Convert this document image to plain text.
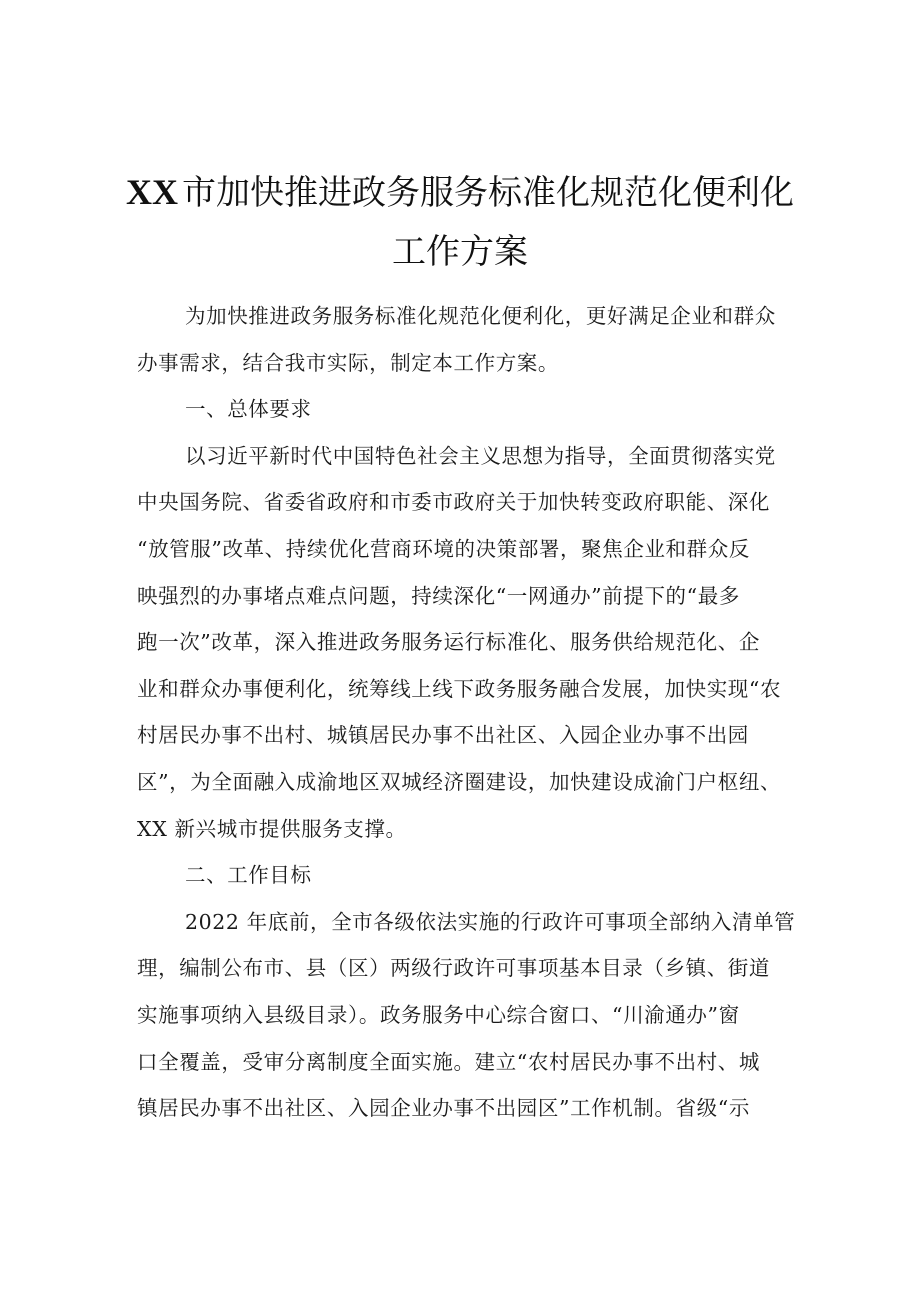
XX 市加快推进政务服务标准化规范化便利化
工作方案
为加快推进政务服务标准化规范化便利化，更好满足企业和群众
办事需求，结合我市实际，制定本工作方案。
一、总体要求
以习近平新时代中国特色社会主义思想为指导，全面贯彻落实党
中央国务院、省委省政府和市委市政府关于加快转变政府职能、深化
“放管服”改革、持续优化营商环境的决策部署，聚焦企业和群众反
映强烈的办事堵点难点问题，持续深化“一网通办”前提下的“最多
跑一次”改革，深入推进政务服务运行标准化、服务供给规范化、企
业和群众办事便利化，统筹线上线下政务服务融合发展，加快实现“农
村居民办事不出村、城镇居民办事不出社区、入园企业办事不出园
区”，为全面融入成渝地区双城经济圈建设，加快建设成渝门户枢纽、
XX 新兴城市提供服务支撑。
二、工作目标
2022 年底前，全市各级依法实施的行政许可事项全部纳入清单管
理，编制公布市、县（区）两级行政许可事项基本目录（乡镇、街道
实施事项纳入县级目录）。政务服务中心综合窗口、“川渝通办”窗
口全覆盖，受审分离制度全面实施。建立“农村居民办事不出村、城
镇居民办事不出社区、入园企业办事不出园区”工作机制。省级“示
